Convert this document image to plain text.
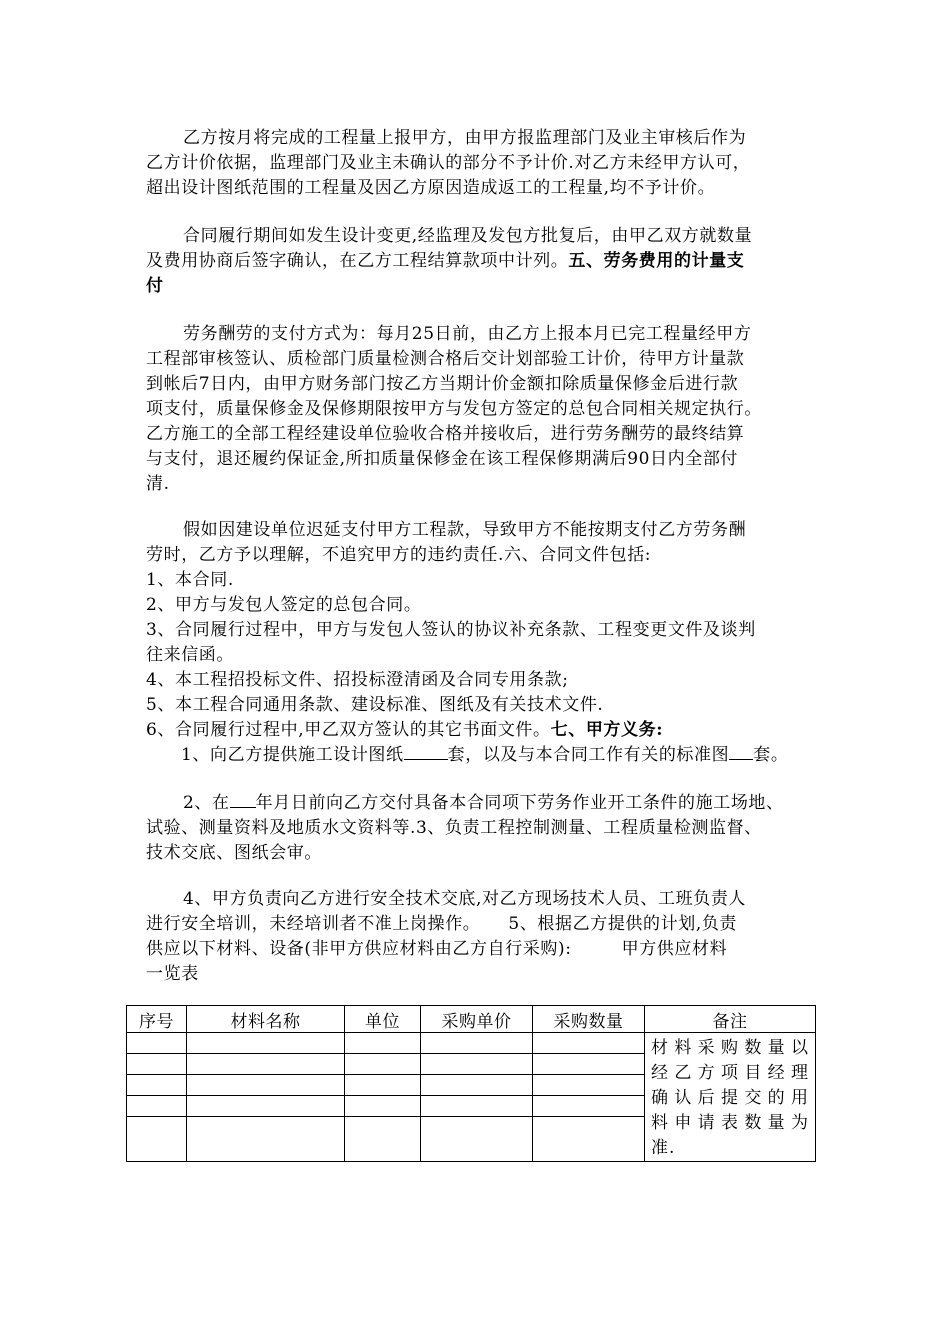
乙方按月将完成的工程量上报甲方，由甲方报监理部门及业主审核后作为
乙方计价依据，监理部门及业主未确认的部分不予计价.对乙方未经甲方认可，
超出设计图纸范围的工程量及因乙方原因造成返工的工程量,均不予计价。
合同履行期间如发生设计变更,经监理及发包方批复后，由甲乙双方就数量
及费用协商后签字确认，在乙方工程结算款项中计列。五、劳务费用的计量支
付
劳务酬劳的支付方式为：每月25日前，由乙方上报本月已完工程量经甲方
工程部审核签认、质检部门质量检测合格后交计划部验工计价，待甲方计量款
到帐后7日内，由甲方财务部门按乙方当期计价金额扣除质量保修金后进行款
项支付，质量保修金及保修期限按甲方与发包方签定的总包合同相关规定执行。
乙方施工的全部工程经建设单位验收合格并接收后，进行劳务酬劳的最终结算
与支付，退还履约保证金,所扣质量保修金在该工程保修期满后90日内全部付
清.
假如因建设单位迟延支付甲方工程款，导致甲方不能按期支付乙方劳务酬
劳时，乙方予以理解，不追究甲方的违约责任.六、合同文件包括:
1、本合同.
2、甲方与发包人签定的总包合同。
3、合同履行过程中，甲方与发包人签认的协议补充条款、工程变更文件及谈判
往来信函。
4、本工程招投标文件、招投标澄清函及合同专用条款;
5、本工程合同通用条款、建设标准、图纸及有关技术文件.
6、合同履行过程中,甲乙双方签认的其它书面文件。七、甲方义务:
1、向乙方提供施工设计图纸	套，以及与本合同工作有关的标准图 套。
2、在 年月日前向乙方交付具备本合同项下劳务作业开工条件的施工场地、
试验、测量资料及地质水文资料等.3、负责工程控制测量、工程质量检测监督、
技术交底、图纸会审。
4、甲方负责向乙方进行安全技术交底,对乙方现场技术人员、工班负责人
进行安全培训，未经培训者不准上岗操作。 5、根据乙方提供的计划,负责
供应以下材料、设备(非甲方供应材料由乙方自行采购):	甲方供应材料
一览表
序号	材料名称	单位	采购单价	采购数量	备注

					材料采购数量以
经乙方项目经理
确认后提交的用
料申请表数量为
准.
